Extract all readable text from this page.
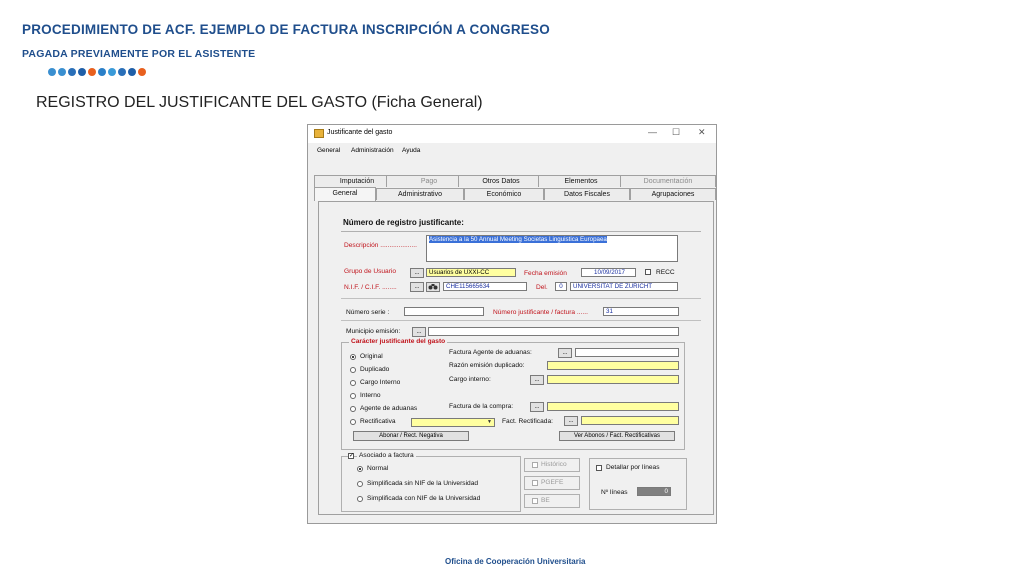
PROCEDIMIENTO DE ACF. EJEMPLO DE FACTURA INSCRIPCIÓN A CONGRESO
PAGADA PREVIAMENTE POR EL ASISTENTE
REGISTRO DEL JUSTIFICANTE DEL GASTO (Ficha General)
Justificante del gasto	— ☐ ✕
General Administración Ayuda
Imputación	Pago	Otros Datos	Elementos	Documentación
General	Administrativo	Económico	Datos Fiscales	Agrupaciones
Número de registro justificante:
Descripción ....................
Asistencia a la 50 Annual Meeting Societas Linguistica Europaea
Grupo de Usuario	...	Usuarios de UXXI-CC	Fecha emisión	10/09/2017	RECC
N.I.F. / C.I.F. ........	...	CHE115665634	Del.	0	UNIVERSITAT DE ZURICHT
Número serie :	Número justificante / factura ......	31
Municipio emisión:	...
Carácter justificante del gasto
Original
Duplicado
Cargo Interno
Interno
Agente de aduanas
Rectificativa	▼
Factura Agente de aduanas:	...
Razón emisión duplicado:
Cargo interno:	...
Factura de la compra:	...
Fact. Rectificada:	...
Abonar / Rect. Negativa	Ver Abonos / Fact. Rectificativas
✓ Asociado a factura
Normal
Simplificada sin NIF de la Universidad
Simplificada con NIF de la Universidad
Histórico
PGEFE
BE
Detallar por líneas
Nº líneas	0
Oficina de Cooperación Universitaria
